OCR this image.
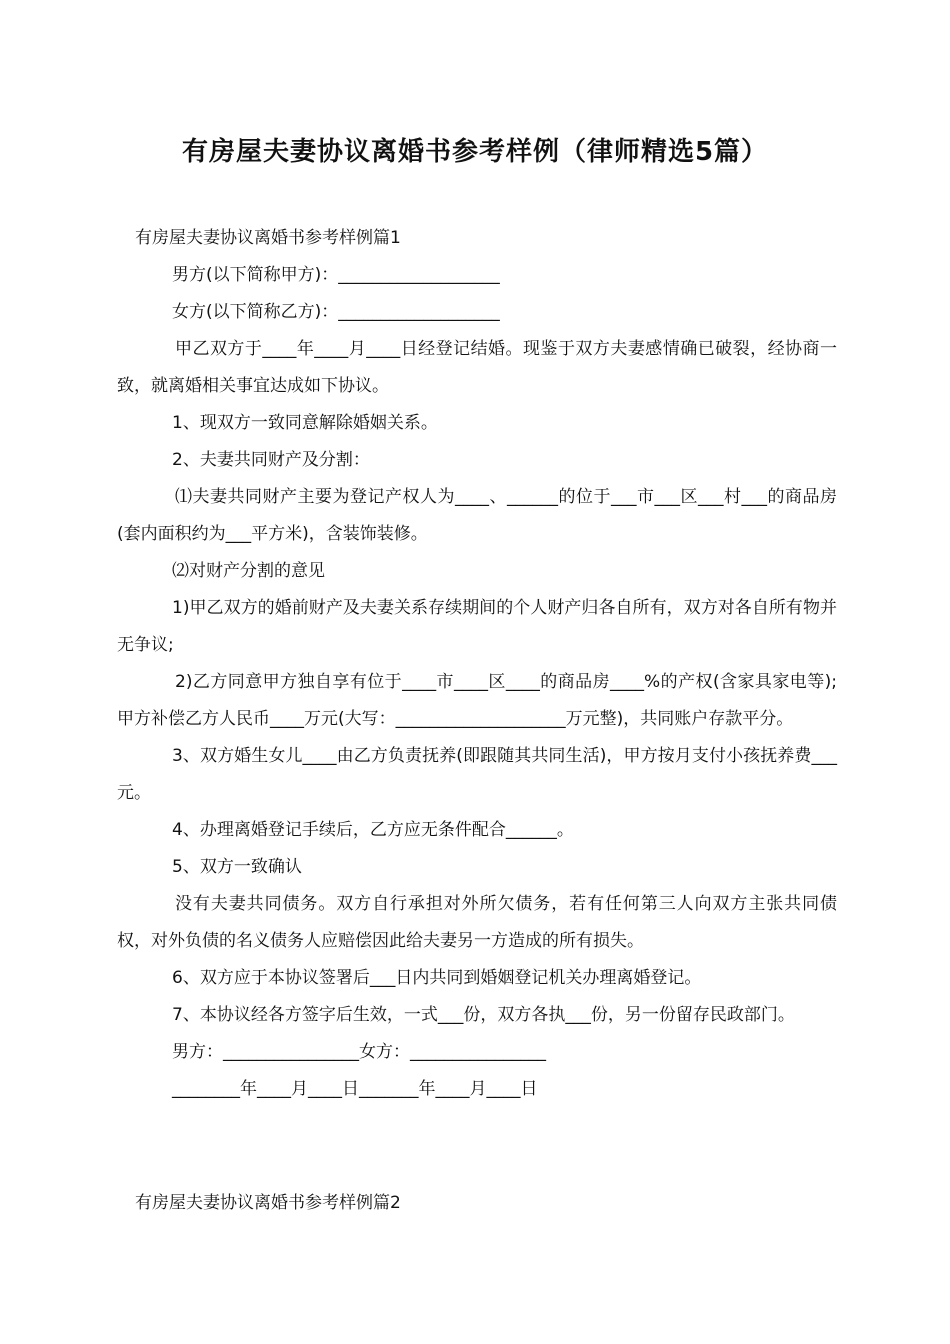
有房屋夫妻协议离婚书参考样例（律师精选5篇）

有房屋夫妻协议离婚书参考样例篇1

男方(以下简称甲方)：___________________

女方(以下简称乙方)：___________________

甲乙双方于____年____月____日经登记结婚。现鉴于双方夫妻感情确已破裂，经协商一致，就离婚相关事宜达成如下协议。

1、现双方一致同意解除婚姻关系。

2、夫妻共同财产及分割：

⑴夫妻共同财产主要为登记产权人为____、______的位于___市___区___村___的商品房(套内面积约为___平方米)，含装饰装修。

⑵对财产分割的意见

1)甲乙双方的婚前财产及夫妻关系存续期间的个人财产归各自所有，双方对各自所有物并无争议;

2)乙方同意甲方独自享有位于____市____区____的商品房____%的产权(含家具家电等);甲方补偿乙方人民币____万元(大写：____________________万元整)，共同账户存款平分。

3、双方婚生女儿____由乙方负责抚养(即跟随其共同生活)，甲方按月支付小孩抚养费___元。

4、办理离婚登记手续后，乙方应无条件配合______。

5、双方一致确认

没有夫妻共同债务。双方自行承担对外所欠债务，若有任何第三人向双方主张共同债权，对外负债的名义债务人应赔偿因此给夫妻另一方造成的所有损失。

6、双方应于本协议签署后___日内共同到婚姻登记机关办理离婚登记。

7、本协议经各方签字后生效，一式___份，双方各执___份，另一份留存民政部门。

男方：________________女方：________________

________年____月____日_______年____月____日

有房屋夫妻协议离婚书参考样例篇2
